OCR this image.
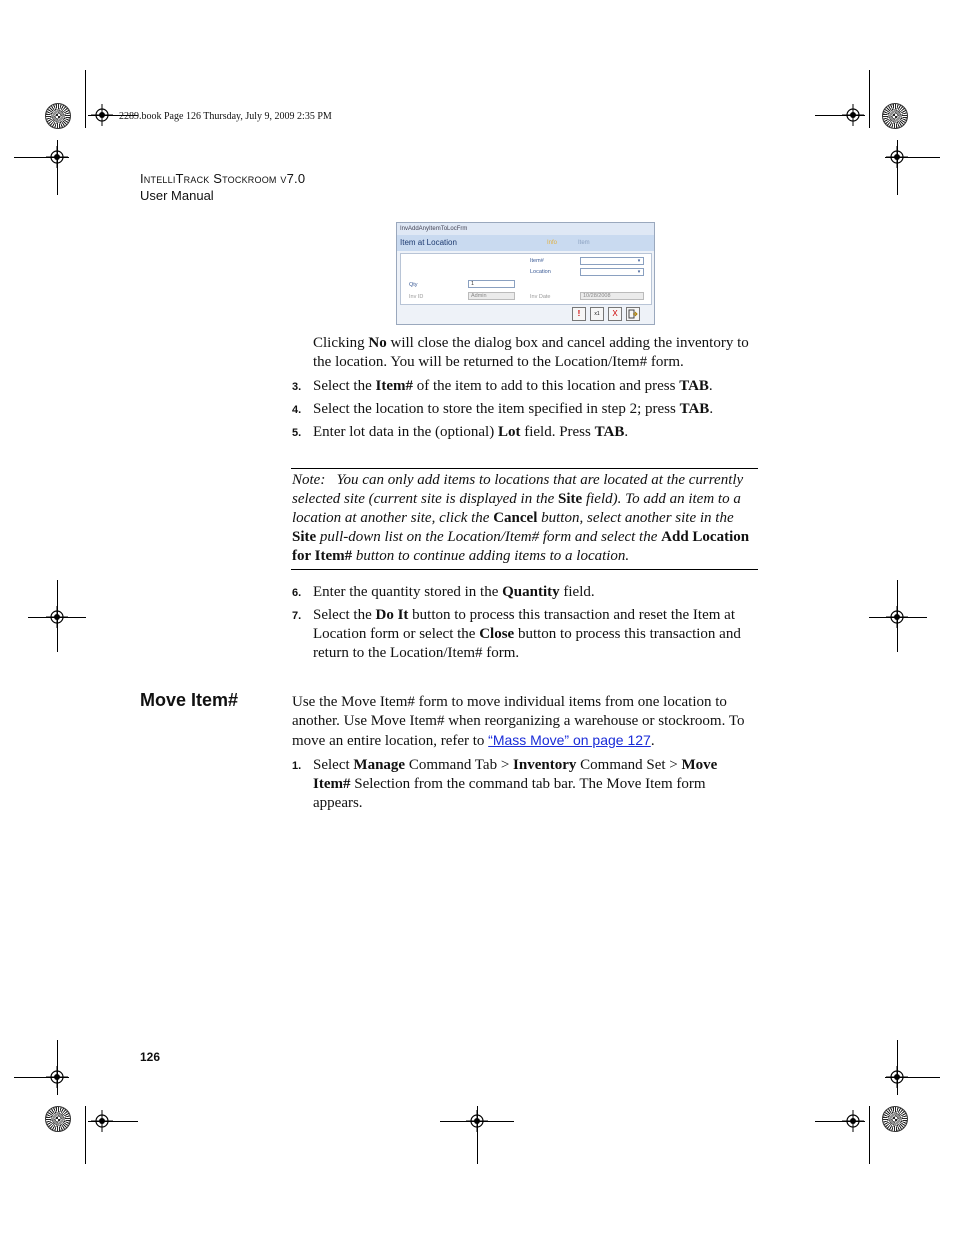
2289.book Page 126 Thursday, July 9, 2009 2:35 PM
IntelliTrack Stockroom v7.0
User Manual
InvAddAnyItemToLocFrm
Item at Location	Info	Item
Item#	▾
Location	▾
Qty	1
Inv ID	Admin	Inv Date	10/28/2008
!	x1	X

Clicking No will close the dialog box and cancel adding the inventory to the location. You will be returned to the Location/Item# form.

3. Select the Item# of the item to add to this location and press TAB.
4. Select the location to store the item specified in step 2; press TAB.
5. Enter lot data in the (optional) Lot field. Press TAB.

Note: You can only add items to locations that are located at the currently selected site (current site is displayed in the Site field). To add an item to a location at another site, click the Cancel button, select another site in the Site pull-down list on the Location/Item# form and select the Add Location for Item# button to continue adding items to a location.

6. Enter the quantity stored in the Quantity field.
7. Select the Do It button to process this transaction and reset the Item at Location form or select the Close button to process this transaction and return to the Location/Item# form.
Move Item#	Use the Move Item# form to move individual items from one location to another. Use Move Item# when reorganizing a warehouse or stockroom. To move an entire location, refer to “Mass Move” on page 127.

1. Select Manage Command Tab > Inventory Command Set > Move Item# Selection from the command tab bar. The Move Item form appears.
126
